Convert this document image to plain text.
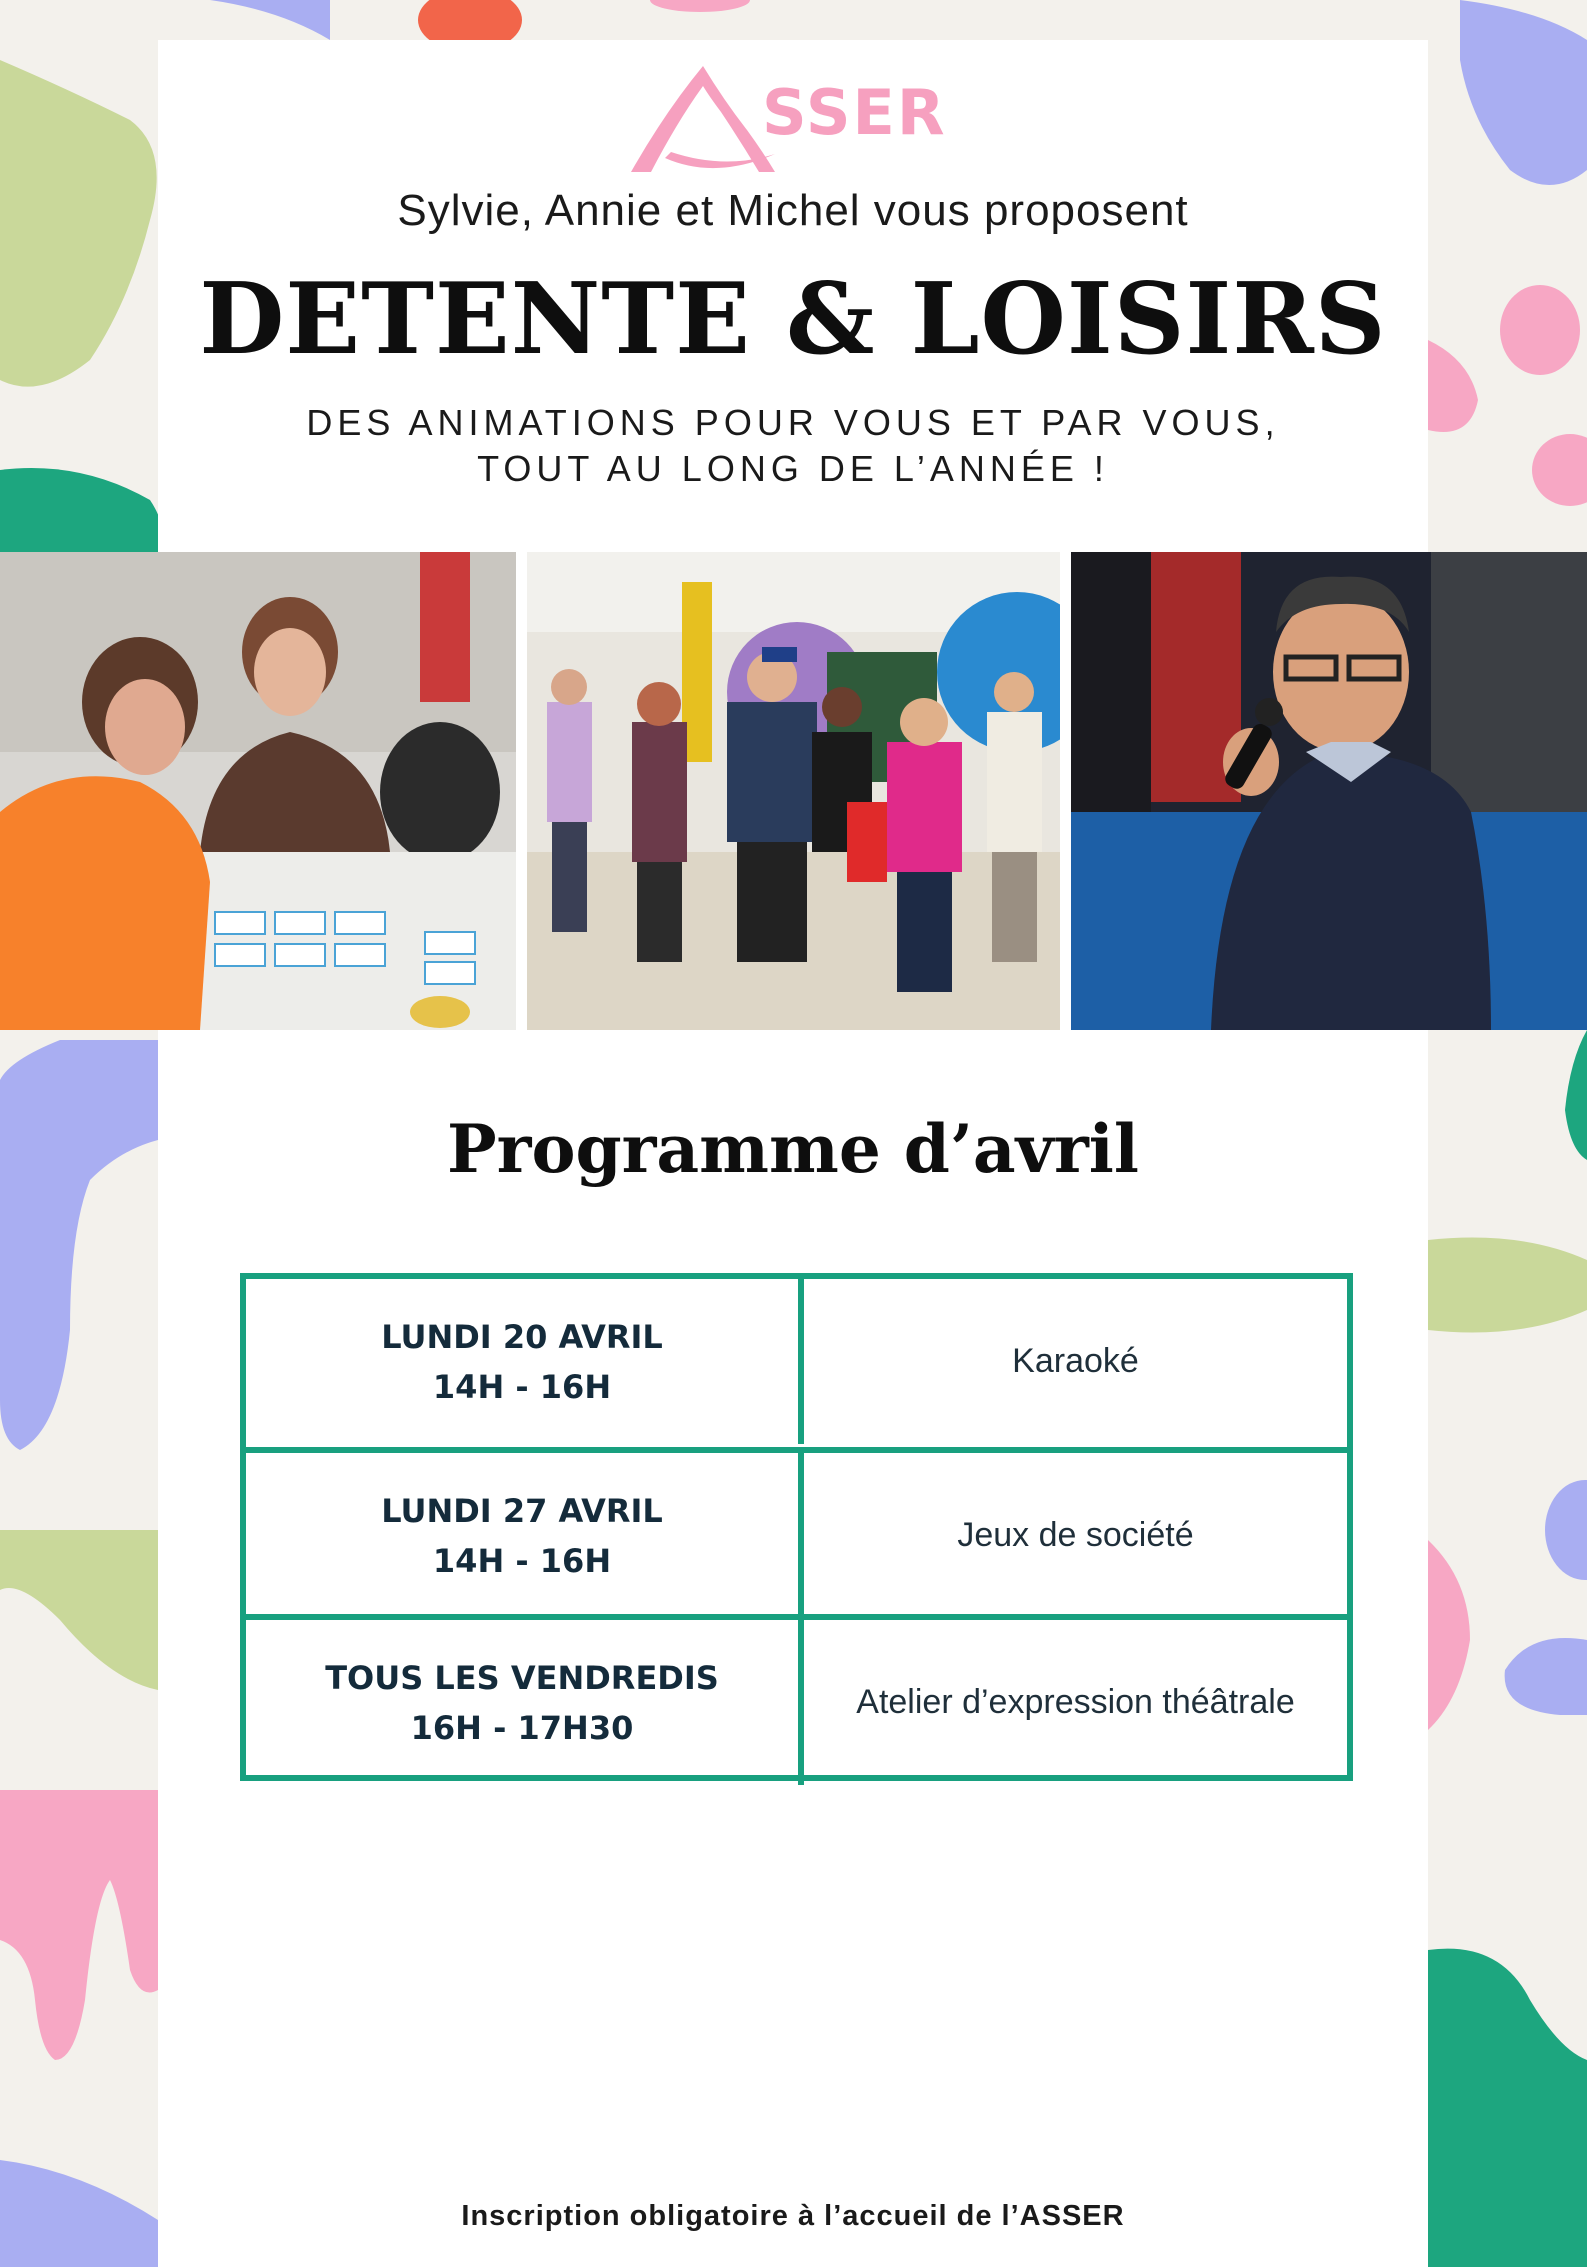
SSER
Sylvie, Annie et Michel vous proposent
DETENTE & LOISIRS
DES ANIMATIONS POUR VOUS ET PAR VOUS,
TOUT AU LONG DE L’ANNÉE !
Programme d’avril
LUNDI 20 AVRIL
14H - 16H
Karaoké
LUNDI 27 AVRIL
14H - 16H
Jeux de société
TOUS LES VENDREDIS
16H - 17H30
Atelier d’expression théâtrale
Inscription obligatoire à l’accueil de l’ASSER
